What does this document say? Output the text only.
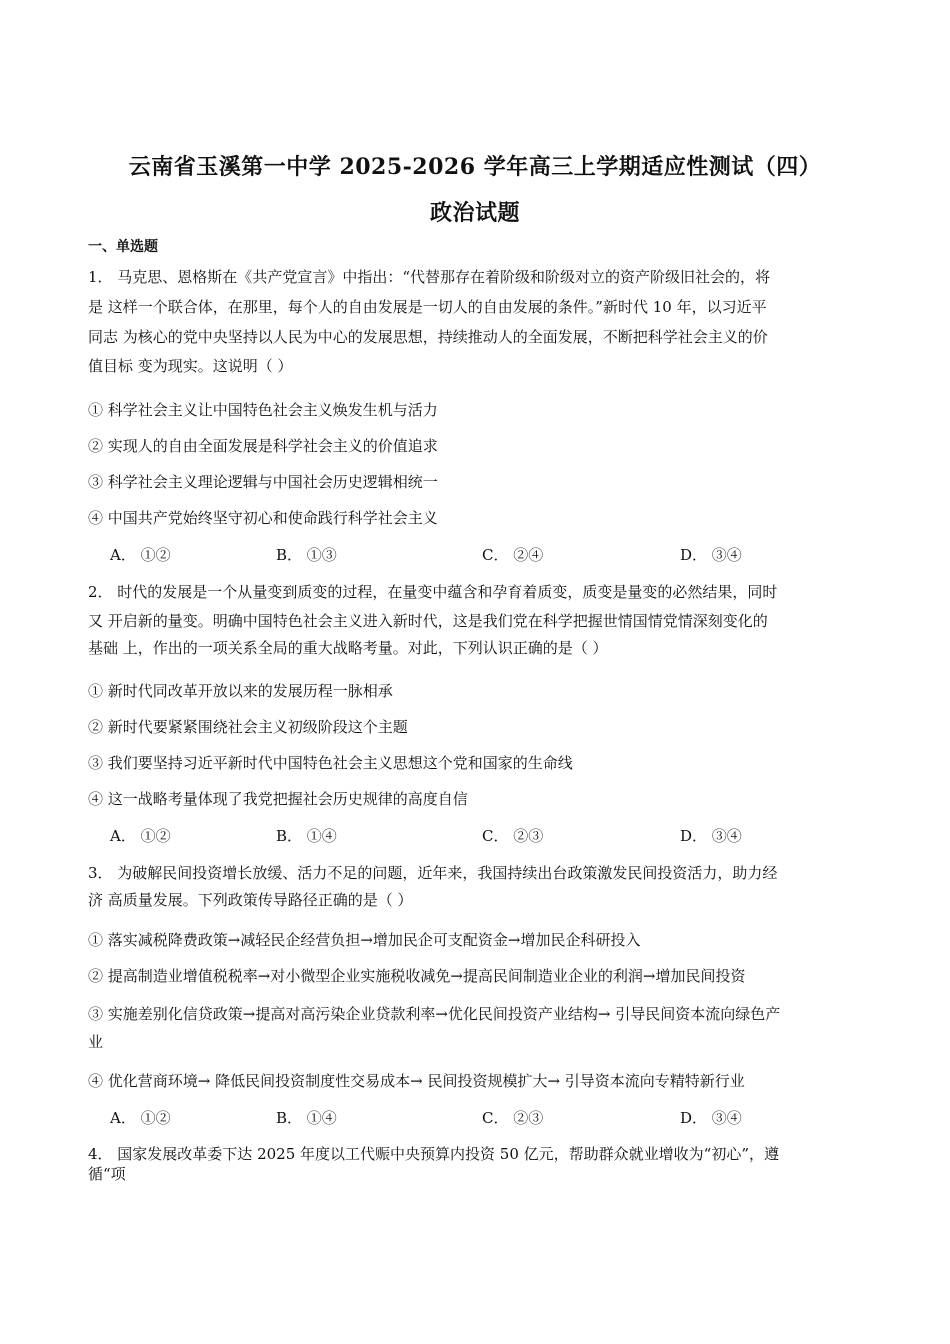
云南省玉溪第一中学 2025-2026 学年高三上学期适应性测试（四）
政治试题
一、单选题
1． 马克思、恩格斯在《共产党宣言》中指出：“代替那存在着阶级和阶级对立的资产阶级旧社会的，将
是 这样一个联合体，在那里，每个人的自由发展是一切人的自由发展的条件。”新时代 10 年，以习近平
同志 为核心的党中央坚持以人民为中心的发展思想，持续推动人的全面发展，不断把科学社会主义的价
值目标 变为现实。这说明（ ）
① 科学社会主义让中国特色社会主义焕发生机与活力
② 实现人的自由全面发展是科学社会主义的价值追求
③ 科学社会主义理论逻辑与中国社会历史逻辑相统一
④ 中国共产党始终坚守初心和使命践行科学社会主义
A． ①②	B． ①③	C． ②④	D． ③④
2． 时代的发展是一个从量变到质变的过程，在量变中蕴含和孕育着质变，质变是量变的必然结果，同时
又 开启新的量变。明确中国特色社会主义进入新时代，这是我们党在科学把握世情国情党情深刻变化的
基础 上，作出的一项关系全局的重大战略考量。对此，下列认识正确的是（ ）
① 新时代同改革开放以来的发展历程一脉相承
② 新时代要紧紧围绕社会主义初级阶段这个主题
③ 我们要坚持习近平新时代中国特色社会主义思想这个党和国家的生命线
④ 这一战略考量体现了我党把握社会历史规律的高度自信
A． ①②	B． ①④	C． ②③	D． ③④
3． 为破解民间投资增长放缓、活力不足的问题，近年来，我国持续出台政策激发民间投资活力，助力经
济 高质量发展。下列政策传导路径正确的是（ ）
① 落实减税降费政策→减轻民企经营负担→增加民企可支配资金→增加民企科研投入
② 提高制造业增值税税率→对小微型企业实施税收减免→提高民间制造业企业的利润→增加民间投资
③ 实施差别化信贷政策→提高对高污染企业贷款利率→优化民间投资产业结构→ 引导民间资本流向绿色产
业
④ 优化营商环境→ 降低民间投资制度性交易成本→ 民间投资规模扩大→ 引导资本流向专精特新行业
A． ①②	B． ①④	C． ②③	D． ③④
4． 国家发展改革委下达 2025 年度以工代赈中央预算内投资 50 亿元，帮助群众就业增收为“初心”，遵
循“项
